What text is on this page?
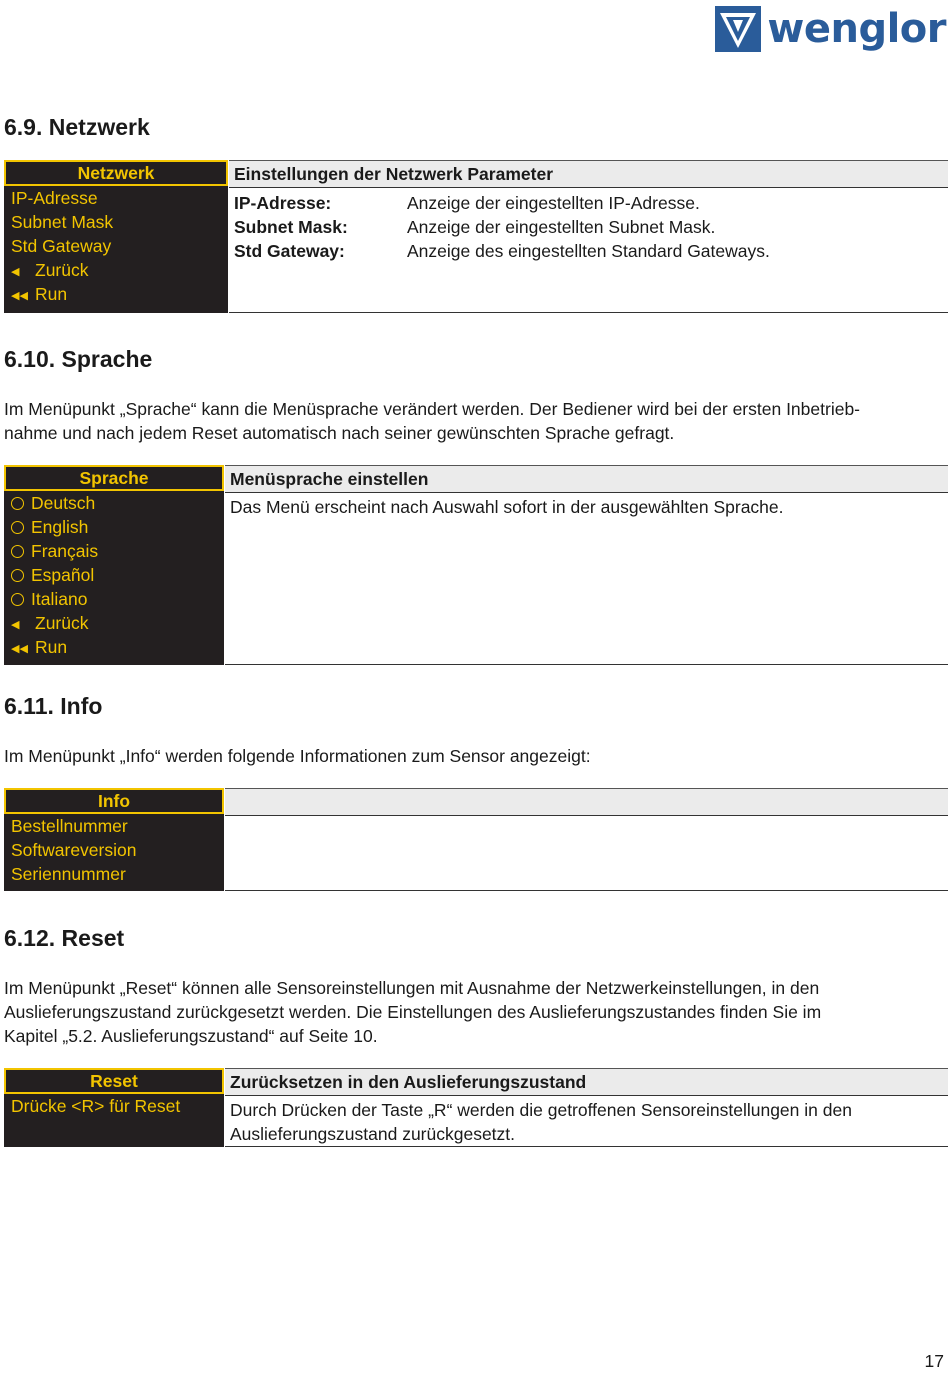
wenglor
6.9. Netzwerk
Netzwerk
IP-Adresse
Subnet Mask
Std Gateway
◀ Zurück
◀◀ Run
Einstellungen der Netzwerk Parameter
IP-Adresse:	Anzeige der eingestellten IP-Adresse.
Subnet Mask:	Anzeige der eingestellten Subnet Mask.
Std Gateway:	Anzeige des eingestellten Standard Gateways.
6.10. Sprache

Im Menüpunkt „Sprache“ kann die Menüsprache verändert werden. Der Bediener wird bei der ersten Inbetrieb-
nahme und nach jedem Reset automatisch nach seiner gewünschten Sprache gefragt.

Sprache
Deutsch
English
Français
Español
Italiano
◀ Zurück
◀◀ Run
Menüsprache einstellen
Das Menü erscheint nach Auswahl sofort in der ausgewählten Sprache.
6.11. Info

Im Menüpunkt „Info“ werden folgende Informationen zum Sensor angezeigt:

Info
Bestellnummer
Softwareversion
Seriennummer
6.12. Reset

Im Menüpunkt „Reset“ können alle Sensoreinstellungen mit Ausnahme der Netzwerkeinstellungen, in den
Auslieferungszustand zurückgesetzt werden. Die Einstellungen des Auslieferungszustandes finden Sie im
Kapitel „5.2. Auslieferungszustand“ auf Seite 10.

Reset
Drücke <R> für Reset
Zurücksetzen in den Auslieferungszustand
Durch Drücken der Taste „R“ werden die getroffenen Sensoreinstellungen in den
Auslieferungszustand zurückgesetzt.
17
